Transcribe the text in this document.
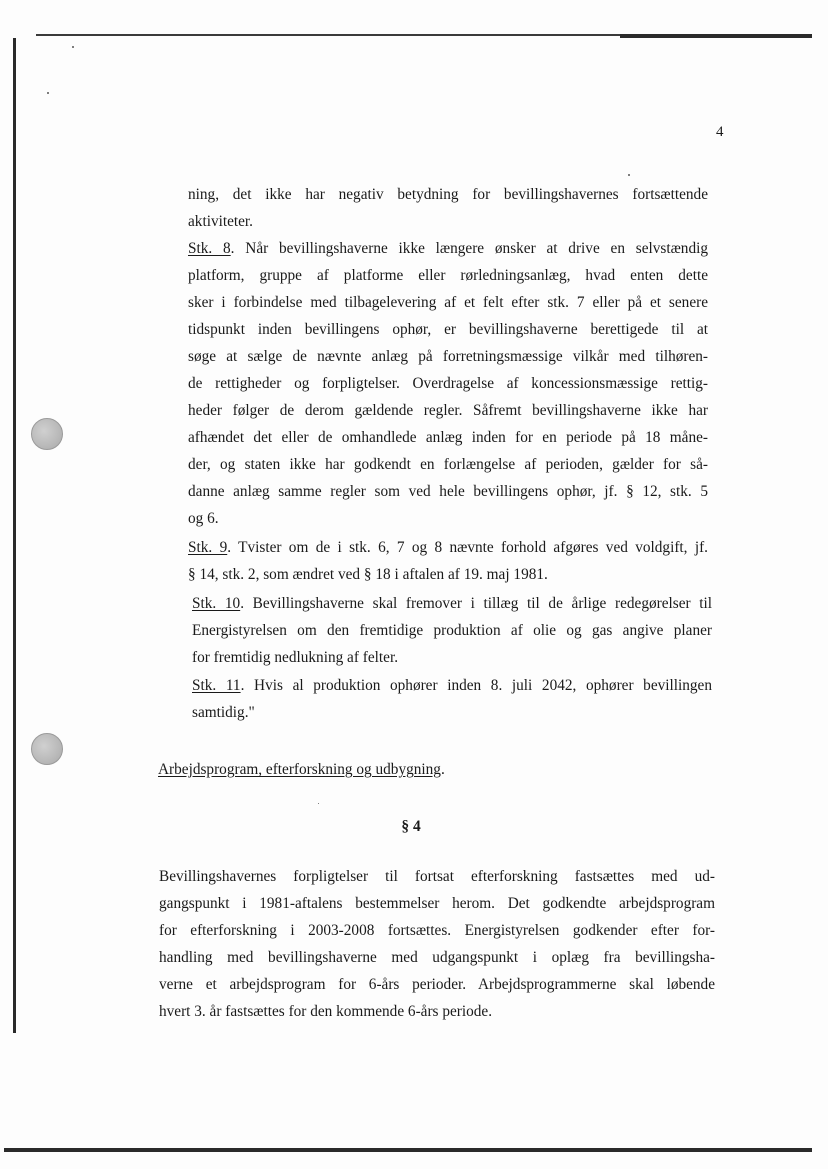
4
ning, det ikke har negativ betydning for bevillingshavernes fortsættende
aktiviteter.
Stk. 8. Når bevillingshaverne ikke længere ønsker at drive en selvstændig
platform, gruppe af platforme eller rørledningsanlæg, hvad enten dette
sker i forbindelse med tilbagelevering af et felt efter stk. 7 eller på et senere
tidspunkt inden bevillingens ophør, er bevillingshaverne berettigede til at
søge at sælge de nævnte anlæg på forretningsmæssige vilkår med tilhøren-
de rettigheder og forpligtelser. Overdragelse af koncessionsmæssige rettig-
heder følger de derom gældende regler. Såfremt bevillingshaverne ikke har
afhændet det eller de omhandlede anlæg inden for en periode på 18 måne-
der, og staten ikke har godkendt en forlængelse af perioden, gælder for så-
danne anlæg samme regler som ved hele bevillingens ophør, jf. § 12, stk. 5
og 6.
Stk. 9. Tvister om de i stk. 6, 7 og 8 nævnte forhold afgøres ved voldgift, jf.
§ 14, stk. 2, som ændret ved § 18 i aftalen af 19. maj 1981.
Stk. 10. Bevillingshaverne skal fremover i tillæg til de årlige redegørelser til
Energistyrelsen om den fremtidige produktion af olie og gas angive planer
for fremtidig nedlukning af felter.
Stk. 11. Hvis al produktion ophører inden 8. juli 2042, ophører bevillingen
samtidig."
Arbejdsprogram, efterforskning og udbygning.
§ 4
Bevillingshavernes forpligtelser til fortsat efterforskning fastsættes med ud-
gangspunkt i 1981-aftalens bestemmelser herom. Det godkendte arbejdsprogram
for efterforskning i 2003-2008 fortsættes. Energistyrelsen godkender efter for-
handling med bevillingshaverne med udgangspunkt i oplæg fra bevillingsha-
verne et arbejdsprogram for 6-års perioder. Arbejdsprogrammerne skal løbende
hvert 3. år fastsættes for den kommende 6-års periode.
